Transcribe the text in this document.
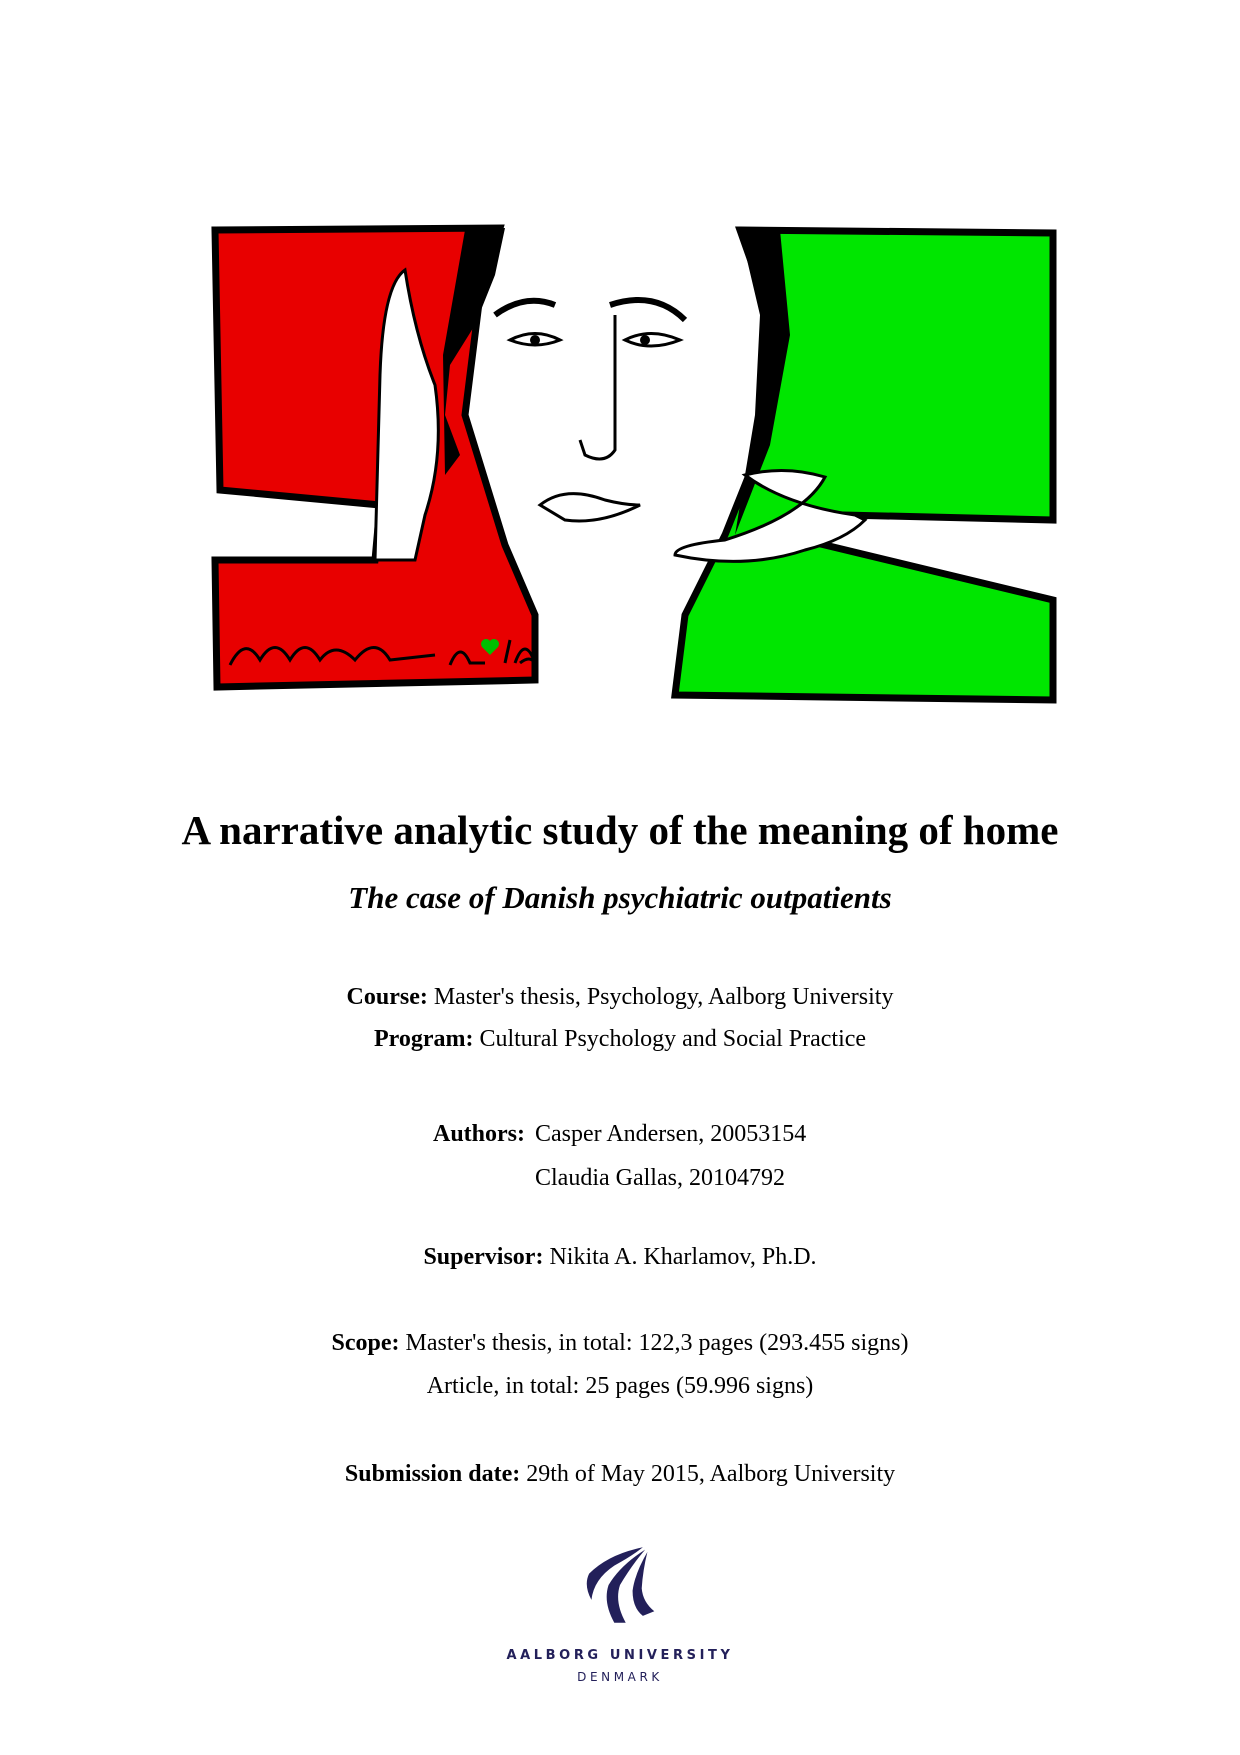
A narrative analytic study of the meaning of home
The case of Danish psychiatric outpatients
Course: Master's thesis, Psychology, Aalborg University
Program: Cultural Psychology and Social Practice
Authors: Casper Andersen, 20053154
Claudia Gallas, 20104792
Supervisor: Nikita A. Kharlamov, Ph.D.
Scope: Master's thesis, in total: 122,3 pages (293.455 signs)
Article, in total: 25 pages (59.996 signs)
Submission date: 29th of May 2015, Aalborg University
AALBORG UNIVERSITY
DENMARK
